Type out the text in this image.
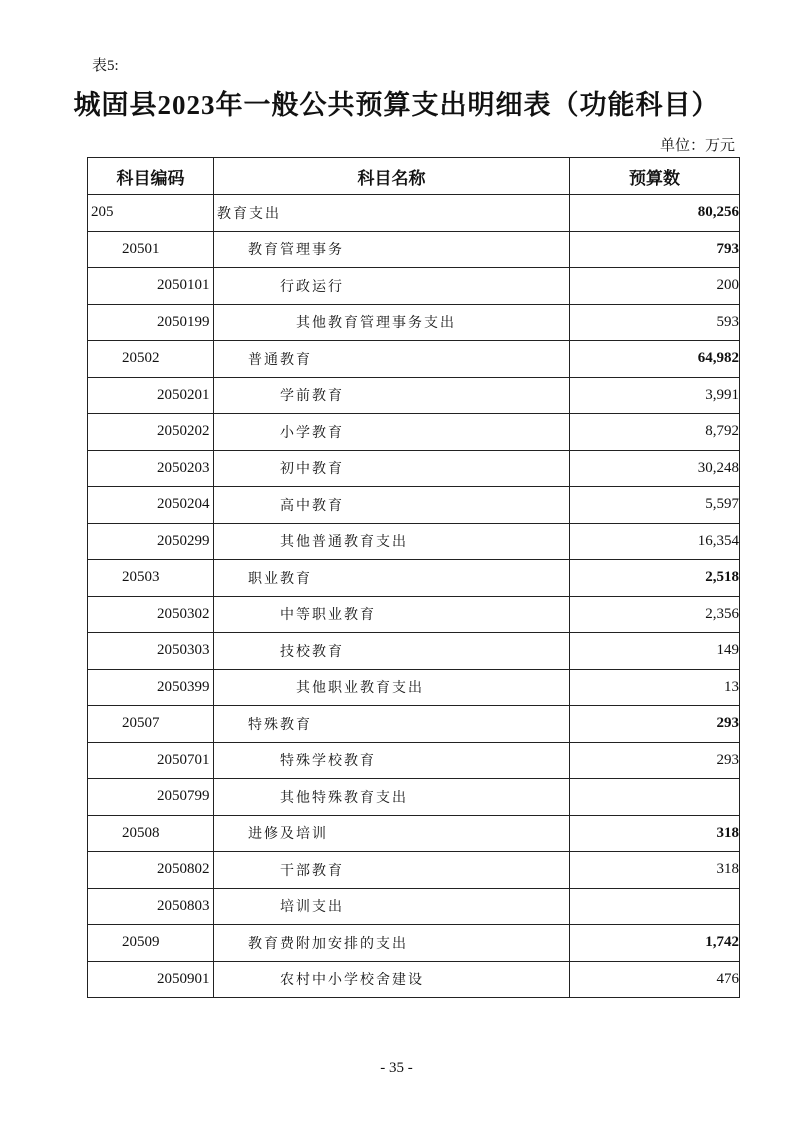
表5:
城固县2023年一般公共预算支出明细表（功能科目）
单位：万元
科目编码	科目名称	预算数
205	教育支出	80,256
20501	教育管理事务	793
2050101	行政运行	200
2050199	其他教育管理事务支出	593
20502	普通教育	64,982
2050201	学前教育	3,991
2050202	小学教育	8,792
2050203	初中教育	30,248
2050204	高中教育	5,597
2050299	其他普通教育支出	16,354
20503	职业教育	2,518
2050302	中等职业教育	2,356
2050303	技校教育	149
2050399	其他职业教育支出	13
20507	特殊教育	293
2050701	特殊学校教育	293
2050799	其他特殊教育支出	
20508	进修及培训	318
2050802	干部教育	318
2050803	培训支出	
20509	教育费附加安排的支出	1,742
2050901	农村中小学校舍建设	476
- 35 -
